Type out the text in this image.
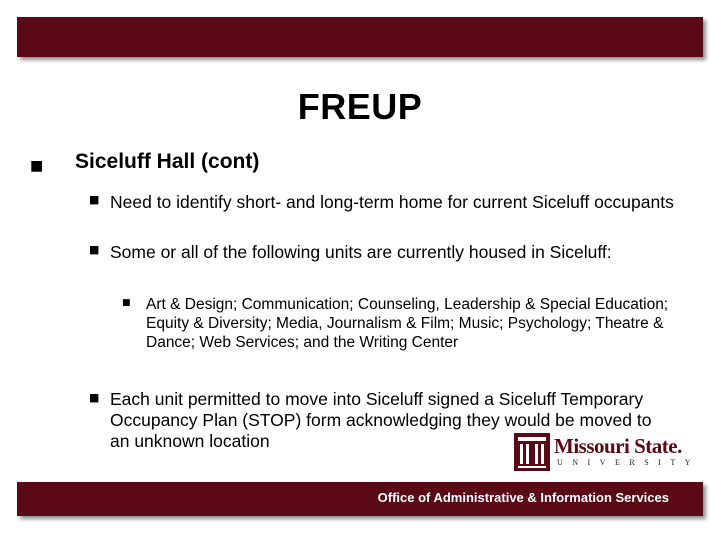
FREUP
■ Siceluff Hall (cont)
■ Need to identify short- and long-term home for current Siceluff occupants
■ Some or all of the following units are currently housed in Siceluff:
■ Art & Design; Communication; Counseling, Leadership & Special Education; Equity & Diversity; Media, Journalism & Film; Music; Psychology; Theatre & Dance; Web Services; and the Writing Center
■ Each unit permitted to move into Siceluff signed a Siceluff Temporary Occupancy Plan (STOP) form acknowledging they would be moved to an unknown location	Missouri State.
UNIVERSITY
Office of Administrative & Information Services
